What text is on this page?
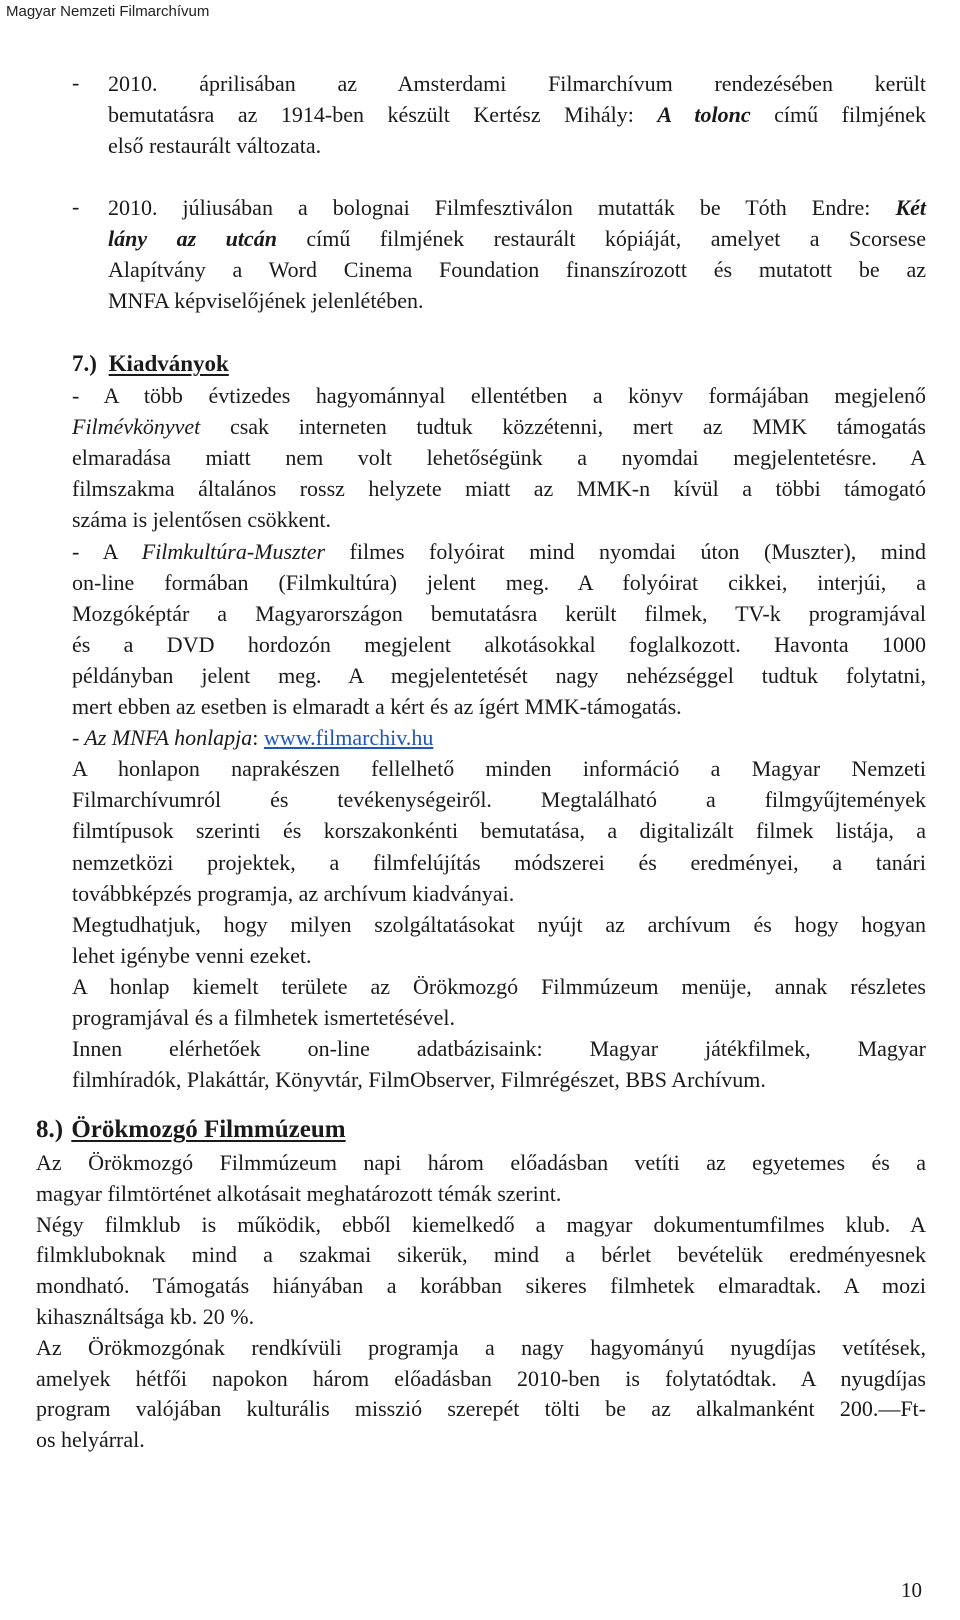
Magyar Nemzeti Filmarchívum
- 2010. áprilisában az Amsterdami Filmarchívum rendezésében került
bemutatásra az 1914-ben készült Kertész Mihály: A tolonc című filmjének
első restaurált változata.
- 2010. júliusában a bolognai Filmfesztiválon mutatták be Tóth Endre: Két
lány az utcán című filmjének restaurált kópiáját, amelyet a Scorsese
Alapítvány a Word Cinema Foundation finanszírozott és mutatott be az
MNFA képviselőjének jelenlétében.
7.) Kiadványok
- A több évtizedes hagyománnyal ellentétben a könyv formájában megjelenő
Filmévkönyvet csak interneten tudtuk közzétenni, mert az MMK támogatás
elmaradása miatt nem volt lehetőségünk a nyomdai megjelentetésre. A
filmszakma általános rossz helyzete miatt az MMK-n kívül a többi támogató
száma is jelentősen csökkent.
- A Filmkultúra-Muszter filmes folyóirat mind nyomdai úton (Muszter), mind
on-line formában (Filmkultúra) jelent meg. A folyóirat cikkei, interjúi, a
Mozgóképtár a Magyarországon bemutatásra került filmek, TV-k programjával
és a DVD hordozón megjelent alkotásokkal foglalkozott. Havonta 1000
példányban jelent meg. A megjelentetését nagy nehézséggel tudtuk folytatni,
mert ebben az esetben is elmaradt a kért és az ígért MMK-támogatás.
- Az MNFA honlapja: www.filmarchiv.hu
A honlapon naprakészen fellelhető minden információ a Magyar Nemzeti
Filmarchívumról és tevékenységeiről. Megtalálható a filmgyűjtemények
filmtípusok szerinti és korszakonkénti bemutatása, a digitalizált filmek listája, a
nemzetközi projektek, a filmfelújítás módszerei és eredményei, a tanári
továbbképzés programja, az archívum kiadványai.
Megtudhatjuk, hogy milyen szolgáltatásokat nyújt az archívum és hogy hogyan
lehet igénybe venni ezeket.
A honlap kiemelt területe az Örökmozgó Filmmúzeum menüje, annak részletes
programjával és a filmhetek ismertetésével.
Innen elérhetőek on-line adatbázisaink: Magyar játékfilmek, Magyar
filmhíradók, Plakáttár, Könyvtár, FilmObserver, Filmrégészet, BBS Archívum.
8.) Örökmozgó Filmmúzeum
Az Örökmozgó Filmmúzeum napi három előadásban vetíti az egyetemes és a
magyar filmtörténet alkotásait meghatározott témák szerint.
Négy filmklub is működik, ebből kiemelkedő a magyar dokumentumfilmes klub. A
filmkluboknak mind a szakmai sikerük, mind a bérlet bevételük eredményesnek
mondható. Támogatás hiányában a korábban sikeres filmhetek elmaradtak. A mozi
kihasználtsága kb. 20 %.
Az Örökmozgónak rendkívüli programja a nagy hagyományú nyugdíjas vetítések,
amelyek hétfői napokon három előadásban 2010-ben is folytatódtak. A nyugdíjas
program valójában kulturális misszió szerepét tölti be az alkalmanként 200.—Ft-
os helyárral.
10
